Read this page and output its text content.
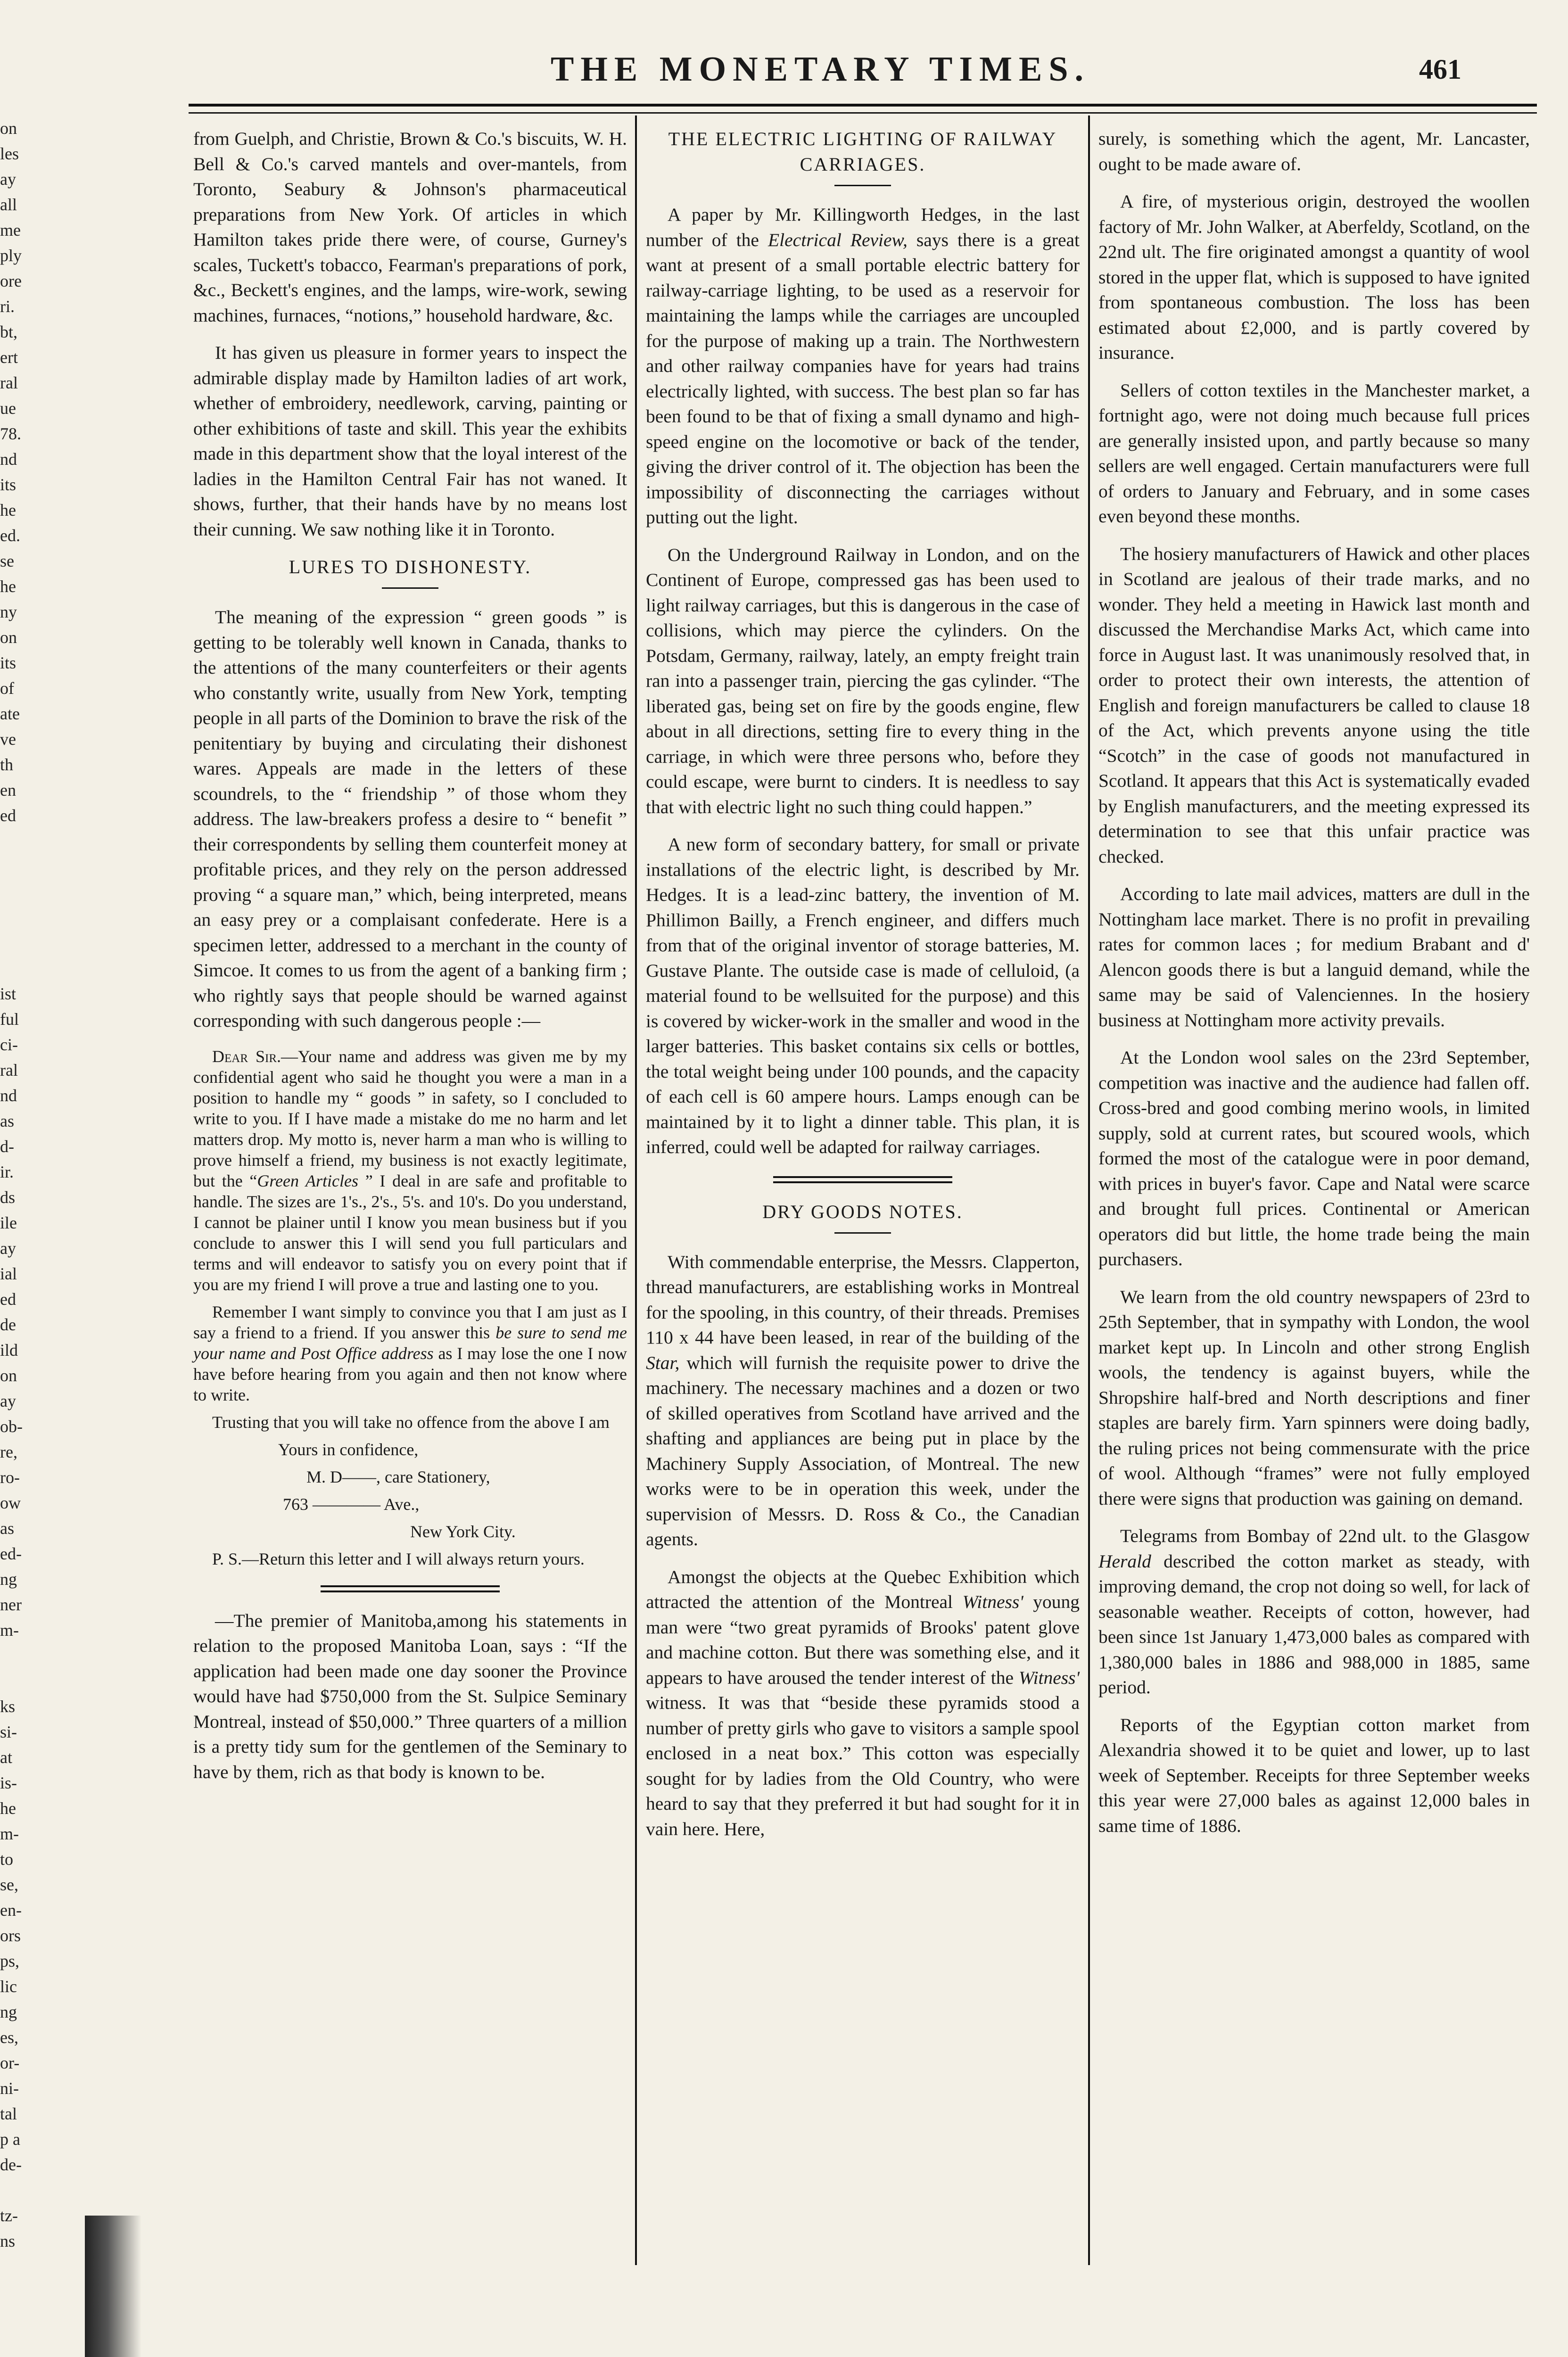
on
les
ay
all
me
ply
ore
ri.
bt,
ert
ral
ue
78.
nd
its
he
ed.
se
he
ny
on
its
of
ate
ve
th
en
ed
ist
ful
ci-
ral
nd
as
d-
ir.
ds
ile
ay
ial
ed
de
ild
on
ay
ob-
re,
ro-
ow
as
ed-
ng
ner
m-
ks
si-
at
is-
he
m-
to
se,
en-
ors
ps,
lic
ng
es,
or-
ni-
tal
p a
de-
tz-
ns
THE MONETARY TIMES.	461

from Guelph, and Christie, Brown & Co.'s biscuits, W. H. Bell & Co.'s carved mantels and over-mantels, from Toronto, Seabury & Johnson's pharmaceutical preparations from New York. Of articles in which Hamilton takes pride there were, of course, Gurney's scales, Tuckett's tobacco, Fearman's preparations of pork, &c., Beckett's engines, and the lamps, wire-work, sewing machines, furnaces, “notions,” household hardware, &c.

It has given us pleasure in former years to inspect the admirable display made by Hamilton ladies of art work, whether of embroidery, needlework, carving, painting or other exhibitions of taste and skill. This year the exhibits made in this department show that the loyal interest of the ladies in the Hamilton Central Fair has not waned. It shows, further, that their hands have by no means lost their cunning. We saw nothing like it in Toronto.

LURES TO DISHONESTY.

The meaning of the expression “ green goods ” is getting to be tolerably well known in Canada, thanks to the attentions of the many counterfeiters or their agents who constantly write, usually from New York, tempting people in all parts of the Dominion to brave the risk of the penitentiary by buying and circulating their dishonest wares. Appeals are made in the letters of these scoundrels, to the “ friendship ” of those whom they address. The law-breakers profess a desire to “ benefit ” their correspondents by selling them counterfeit money at profitable prices, and they rely on the person addressed proving “ a square man,” which, being interpreted, means an easy prey or a complaisant confederate. Here is a specimen letter, addressed to a merchant in the county of Simcoe. It comes to us from the agent of a banking firm ; who rightly says that people should be warned against corresponding with such dangerous people :—

Dear Sir.—Your name and address was given me by my confidential agent who said he thought you were a man in a position to handle my “ goods ” in safety, so I concluded to write to you. If I have made a mistake do me no harm and let matters drop. My motto is, never harm a man who is willing to prove himself a friend, my business is not exactly legitimate, but the “Green Articles ” I deal in are safe and profitable to handle. The sizes are 1's., 2's., 5's. and 10's. Do you understand, I cannot be plainer until I know you mean business but if you conclude to answer this I will send you full particulars and terms and will endeavor to satisfy you on every point that if you are my friend I will prove a true and lasting one to you.

Remember I want simply to convince you that I am just as I say a friend to a friend. If you answer this be sure to send me your name and Post Office address as I may lose the one I now have before hearing from you again and then not know where to write.

Trusting that you will take no offence from the above I am

Yours in confidence,

M. D——, care Stationery,

763 ———— Ave.,

New York City.

P. S.—Return this letter and I will always return yours.

—The premier of Manitoba,among his statements in relation to the proposed Manitoba Loan, says : “If the application had been made one day sooner the Province would have had $750,000 from the St. Sulpice Seminary Montreal, instead of $50,000.” Three quarters of a million is a pretty tidy sum for the gentlemen of the Seminary to have by them, rich as that body is known to be.

THE ELECTRIC LIGHTING OF RAILWAY CARRIAGES.

A paper by Mr. Killingworth Hedges, in the last number of the Electrical Review, says there is a great want at present of a small portable electric battery for railway-carriage lighting, to be used as a reservoir for maintaining the lamps while the carriages are uncoupled for the purpose of making up a train. The Northwestern and other railway companies have for years had trains electrically lighted, with success. The best plan so far has been found to be that of fixing a small dynamo and high-speed engine on the locomotive or back of the tender, giving the driver control of it. The objection has been the impossibility of disconnecting the carriages without putting out the light.

On the Underground Railway in London, and on the Continent of Europe, compressed gas has been used to light railway carriages, but this is dangerous in the case of collisions, which may pierce the cylinders. On the Potsdam, Germany, railway, lately, an empty freight train ran into a passenger train, piercing the gas cylinder. “The liberated gas, being set on fire by the goods engine, flew about in all directions, setting fire to every thing in the carriage, in which were three persons who, before they could escape, were burnt to cinders. It is needless to say that with electric light no such thing could happen.”

A new form of secondary battery, for small or private installations of the electric light, is described by Mr. Hedges. It is a lead-zinc battery, the invention of M. Phillimon Bailly, a French engineer, and differs much from that of the original inventor of storage batteries, M. Gustave Plante. The outside case is made of celluloid, (a material found to be wellsuited for the purpose) and this is covered by wicker-work in the smaller and wood in the larger batteries. This basket contains six cells or bottles, the total weight being under 100 pounds, and the capacity of each cell is 60 ampere hours. Lamps enough can be maintained by it to light a dinner table. This plan, it is inferred, could well be adapted for railway carriages.

DRY GOODS NOTES.

With commendable enterprise, the Messrs. Clapperton, thread manufacturers, are establishing works in Montreal for the spooling, in this country, of their threads. Premises 110 x 44 have been leased, in rear of the building of the Star, which will furnish the requisite power to drive the machinery. The necessary machines and a dozen or two of skilled operatives from Scotland have arrived and the shafting and appliances are being put in place by the Machinery Supply Association, of Montreal. The new works were to be in operation this week, under the supervision of Messrs. D. Ross & Co., the Canadian agents.

Amongst the objects at the Quebec Exhibition which attracted the attention of the Montreal Witness' young man were “two great pyramids of Brooks' patent glove and machine cotton. But there was something else, and it appears to have aroused the tender interest of the Witness' witness. It was that “beside these pyramids stood a number of pretty girls who gave to visitors a sample spool enclosed in a neat box.” This cotton was especially sought for by ladies from the Old Country, who were heard to say that they preferred it but had sought for it in vain here. Here,

surely, is something which the agent, Mr. Lancaster, ought to be made aware of.

A fire, of mysterious origin, destroyed the woollen factory of Mr. John Walker, at Aberfeldy, Scotland, on the 22nd ult. The fire originated amongst a quantity of wool stored in the upper flat, which is supposed to have ignited from spontaneous combustion. The loss has been estimated about £2,000, and is partly covered by insurance.

Sellers of cotton textiles in the Manchester market, a fortnight ago, were not doing much because full prices are generally insisted upon, and partly because so many sellers are well engaged. Certain manufacturers were full of orders to January and February, and in some cases even beyond these months.

The hosiery manufacturers of Hawick and other places in Scotland are jealous of their trade marks, and no wonder. They held a meeting in Hawick last month and discussed the Merchandise Marks Act, which came into force in August last. It was unanimously resolved that, in order to protect their own interests, the attention of English and foreign manufacturers be called to clause 18 of the Act, which prevents anyone using the title “Scotch” in the case of goods not manufactured in Scotland. It appears that this Act is systematically evaded by English manufacturers, and the meeting expressed its determination to see that this unfair practice was checked.

According to late mail advices, matters are dull in the Nottingham lace market. There is no profit in prevailing rates for common laces ; for medium Brabant and d' Alencon goods there is but a languid demand, while the same may be said of Valenciennes. In the hosiery business at Nottingham more activity prevails.

At the London wool sales on the 23rd September, competition was inactive and the audience had fallen off. Cross-bred and good combing merino wools, in limited supply, sold at current rates, but scoured wools, which formed the most of the catalogue were in poor demand, with prices in buyer's favor. Cape and Natal were scarce and brought full prices. Continental or American operators did but little, the home trade being the main purchasers.

We learn from the old country newspapers of 23rd to 25th September, that in sympathy with London, the wool market kept up. In Lincoln and other strong English wools, the tendency is against buyers, while the Shropshire half-bred and North descriptions and finer staples are barely firm. Yarn spinners were doing badly, the ruling prices not being commensurate with the price of wool. Although “frames” were not fully employed there were signs that production was gaining on demand.

Telegrams from Bombay of 22nd ult. to the Glasgow Herald described the cotton market as steady, with improving demand, the crop not doing so well, for lack of seasonable weather. Receipts of cotton, however, had been since 1st January 1,473,000 bales as compared with 1,380,000 bales in 1886 and 988,000 in 1885, same period.

Reports of the Egyptian cotton market from Alexandria showed it to be quiet and lower, up to last week of September. Receipts for three September weeks this year were 27,000 bales as against 12,000 bales in same time of 1886.
